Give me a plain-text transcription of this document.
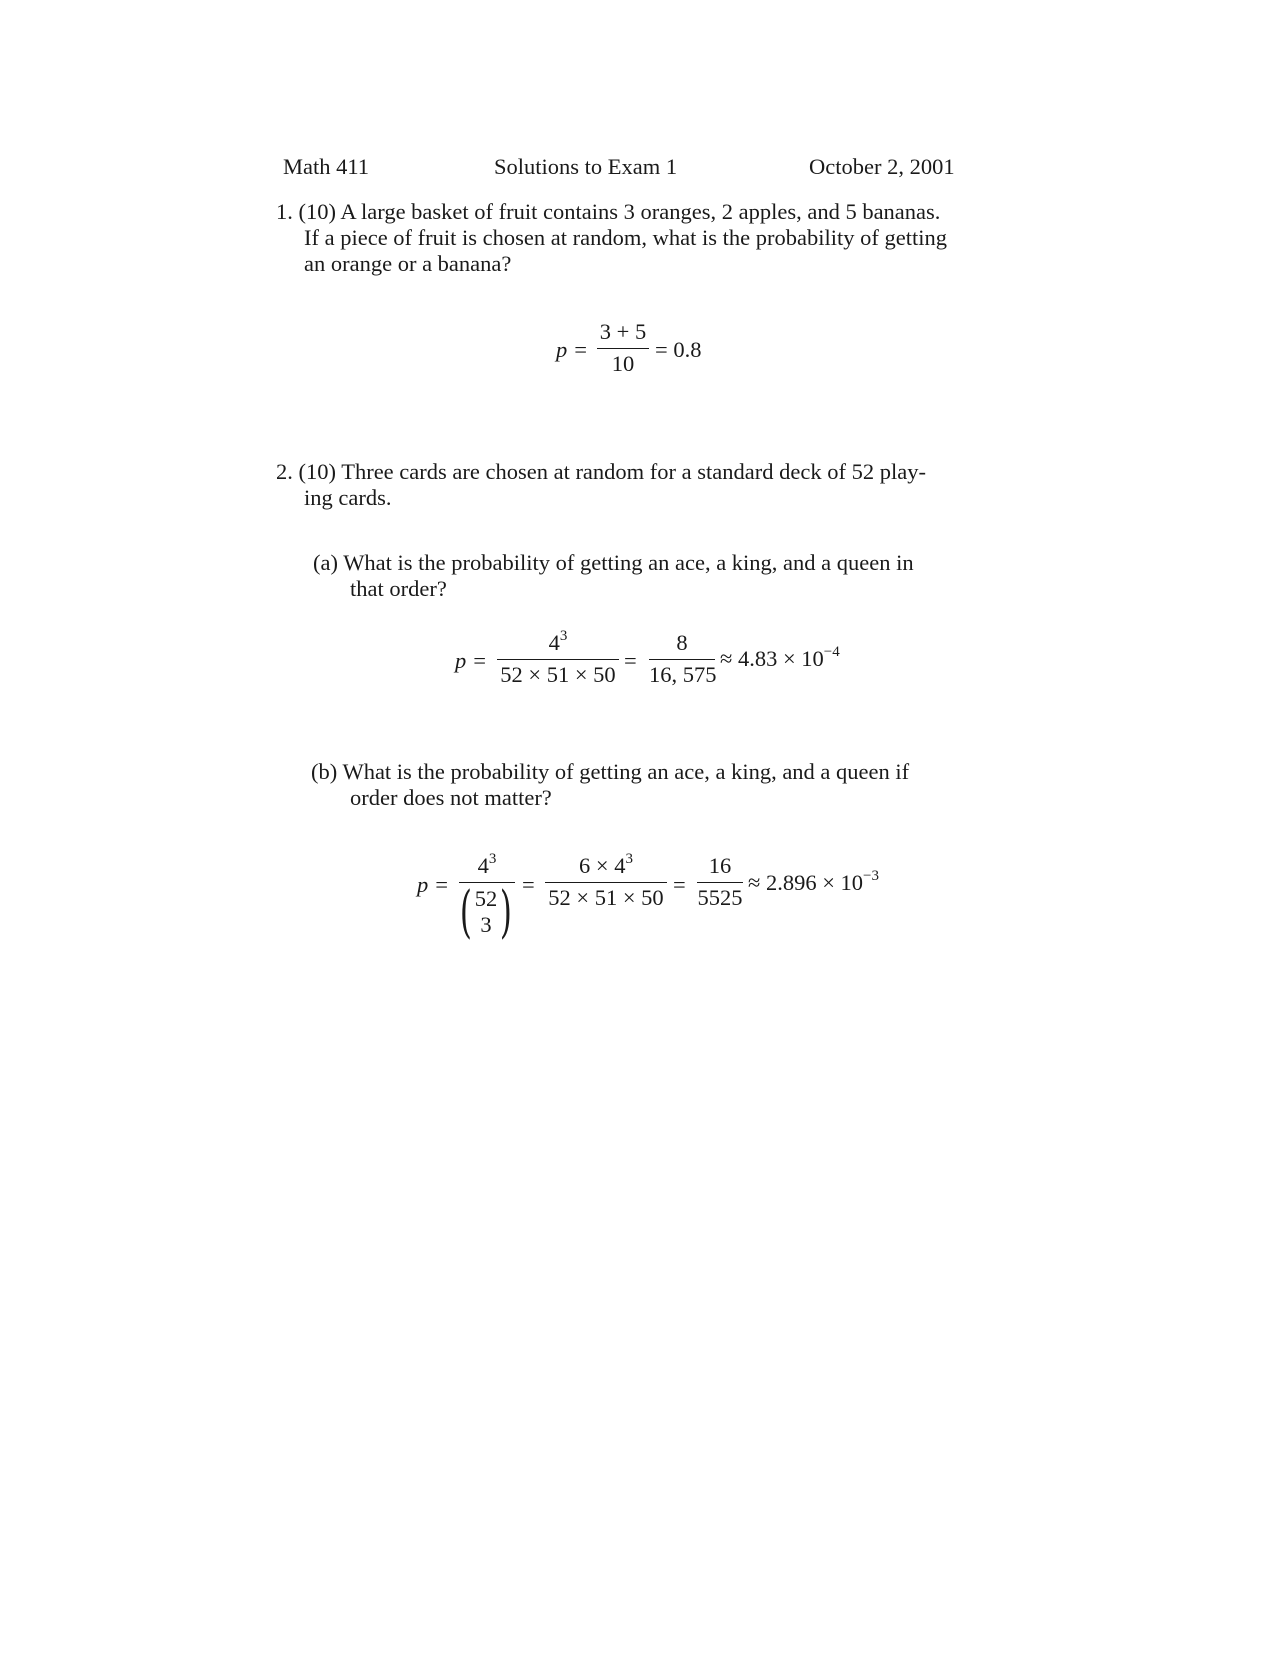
Math 411	Solutions to Exam 1	October 2, 2001
1. (10) A large basket of fruit contains 3 oranges, 2 apples, and 5 bananas.
If a piece of fruit is chosen at random, what is the probability of getting
an orange or a banana?
p =
3 + 5
10
= 0.8
2. (10) Three cards are chosen at random for a standard deck of 52 play-
ing cards.
(a) What is the probability of getting an ace, a king, and a queen in
that order?
p =
$4^3$
52 × 51 × 50
=
8
16, 575
≈ $4.83 \times 10^{-4}$
(b) What is the probability of getting an ace, a king, and a queen if
order does not matter?
p =
$4^3$
( 52
3 ) =
$6 \times 4^3$
52 × 51 × 50
=
16
5525
≈ $2.896 \times 10^{-3}$
